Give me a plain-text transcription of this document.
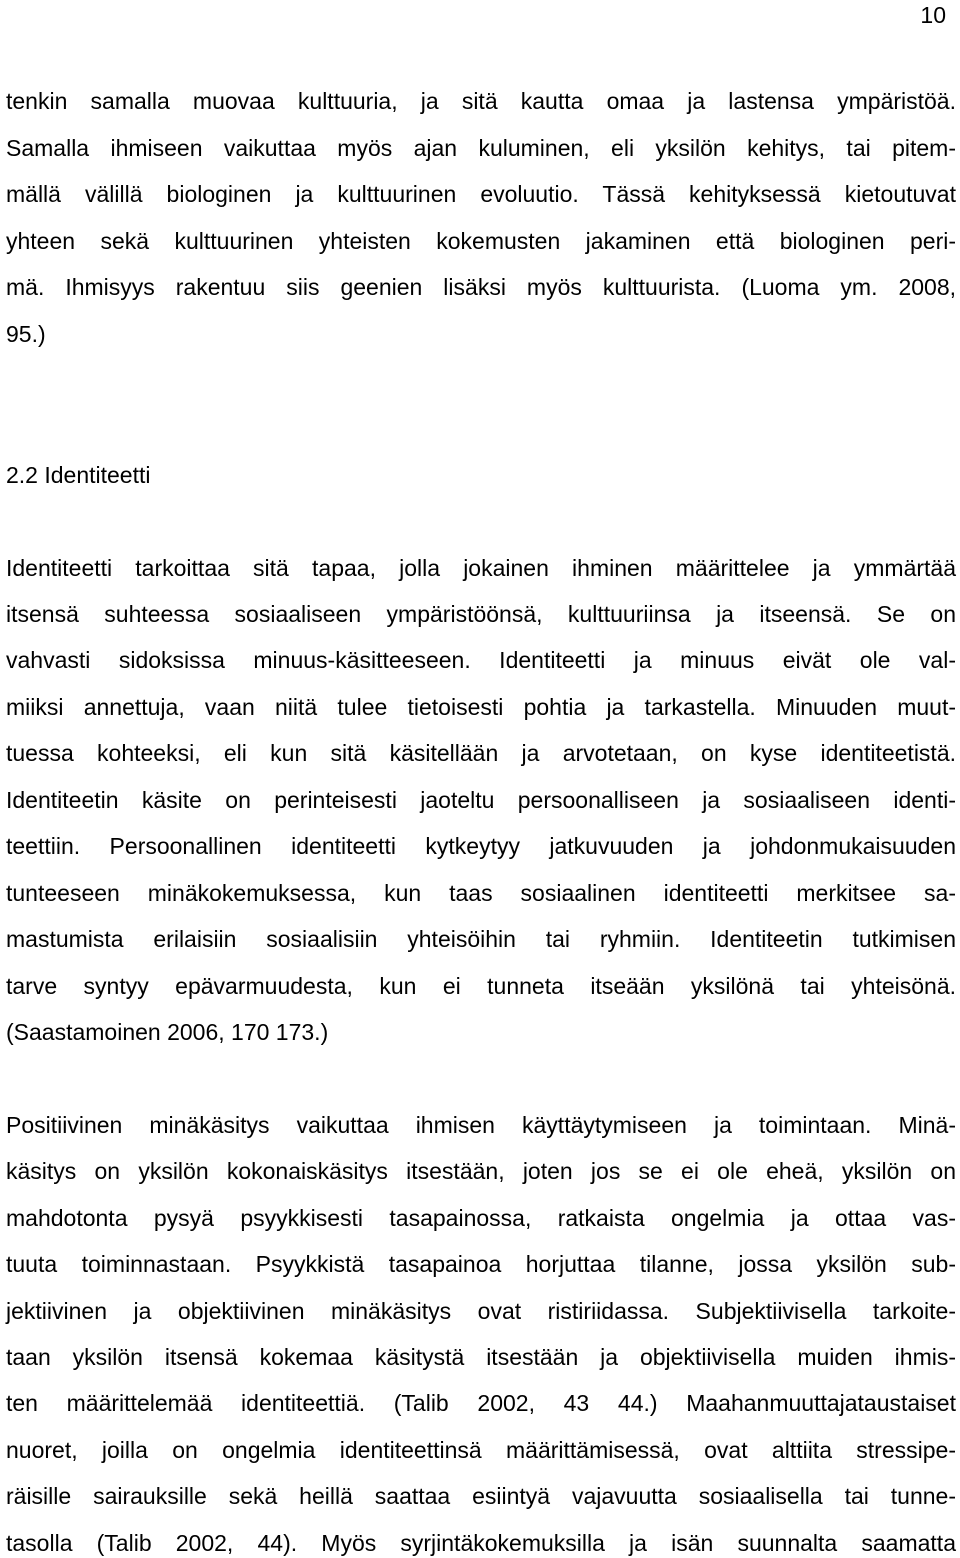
10
tenkin samalla muovaa kulttuuria, ja sitä kautta omaa ja lastensa ympäristöä.
Samalla ihmiseen vaikuttaa myös ajan kuluminen, eli yksilön kehitys, tai pitem-
mällä välillä biologinen ja kulttuurinen evoluutio. Tässä kehityksessä kietoutuvat
yhteen sekä kulttuurinen yhteisten kokemusten jakaminen että biologinen peri-
mä. Ihmisyys rakentuu siis geenien lisäksi myös kulttuurista. (Luoma ym. 2008,
95.)
2.2 Identiteetti
Identiteetti tarkoittaa sitä tapaa, jolla jokainen ihminen määrittelee ja ymmärtää
itsensä suhteessa sosiaaliseen ympäristöönsä, kulttuuriinsa ja itseensä. Se on
vahvasti sidoksissa minuus-käsitteeseen. Identiteetti ja minuus eivät ole val-
miiksi annettuja, vaan niitä tulee tietoisesti pohtia ja tarkastella. Minuuden muut-
tuessa kohteeksi, eli kun sitä käsitellään ja arvotetaan, on kyse identiteetistä.
Identiteetin käsite on perinteisesti jaoteltu persoonalliseen ja sosiaaliseen identi-
teettiin. Persoonallinen identiteetti kytkeytyy jatkuvuuden ja johdonmukaisuuden
tunteeseen minäkokemuksessa, kun taas sosiaalinen identiteetti merkitsee sa-
mastumista erilaisiin sosiaalisiin yhteisöihin tai ryhmiin. Identiteetin tutkimisen
tarve syntyy epävarmuudesta, kun ei tunneta itseään yksilönä tai yhteisönä.
(Saastamoinen 2006, 170 173.)
Positiivinen minäkäsitys vaikuttaa ihmisen käyttäytymiseen ja toimintaan. Minä-
käsitys on yksilön kokonaiskäsitys itsestään, joten jos se ei ole eheä, yksilön on
mahdotonta pysyä psyykkisesti tasapainossa, ratkaista ongelmia ja ottaa vas-
tuuta toiminnastaan. Psyykkistä tasapainoa horjuttaa tilanne, jossa yksilön sub-
jektiivinen ja objektiivinen minäkäsitys ovat ristiriidassa. Subjektiivisella tarkoite-
taan yksilön itsensä kokemaa käsitystä itsestään ja objektiivisella muiden ihmis-
ten määrittelemää identiteettiä. (Talib 2002, 43 44.) Maahanmuuttajataustaiset
nuoret, joilla on ongelmia identiteettinsä määrittämisessä, ovat alttiita stressipe-
räisille sairauksille sekä heillä saattaa esiintyä vajavuutta sosiaalisella tai tunne-
tasolla (Talib 2002, 44). Myös syrjintäkokemuksilla ja isän suunnalta saamatta
